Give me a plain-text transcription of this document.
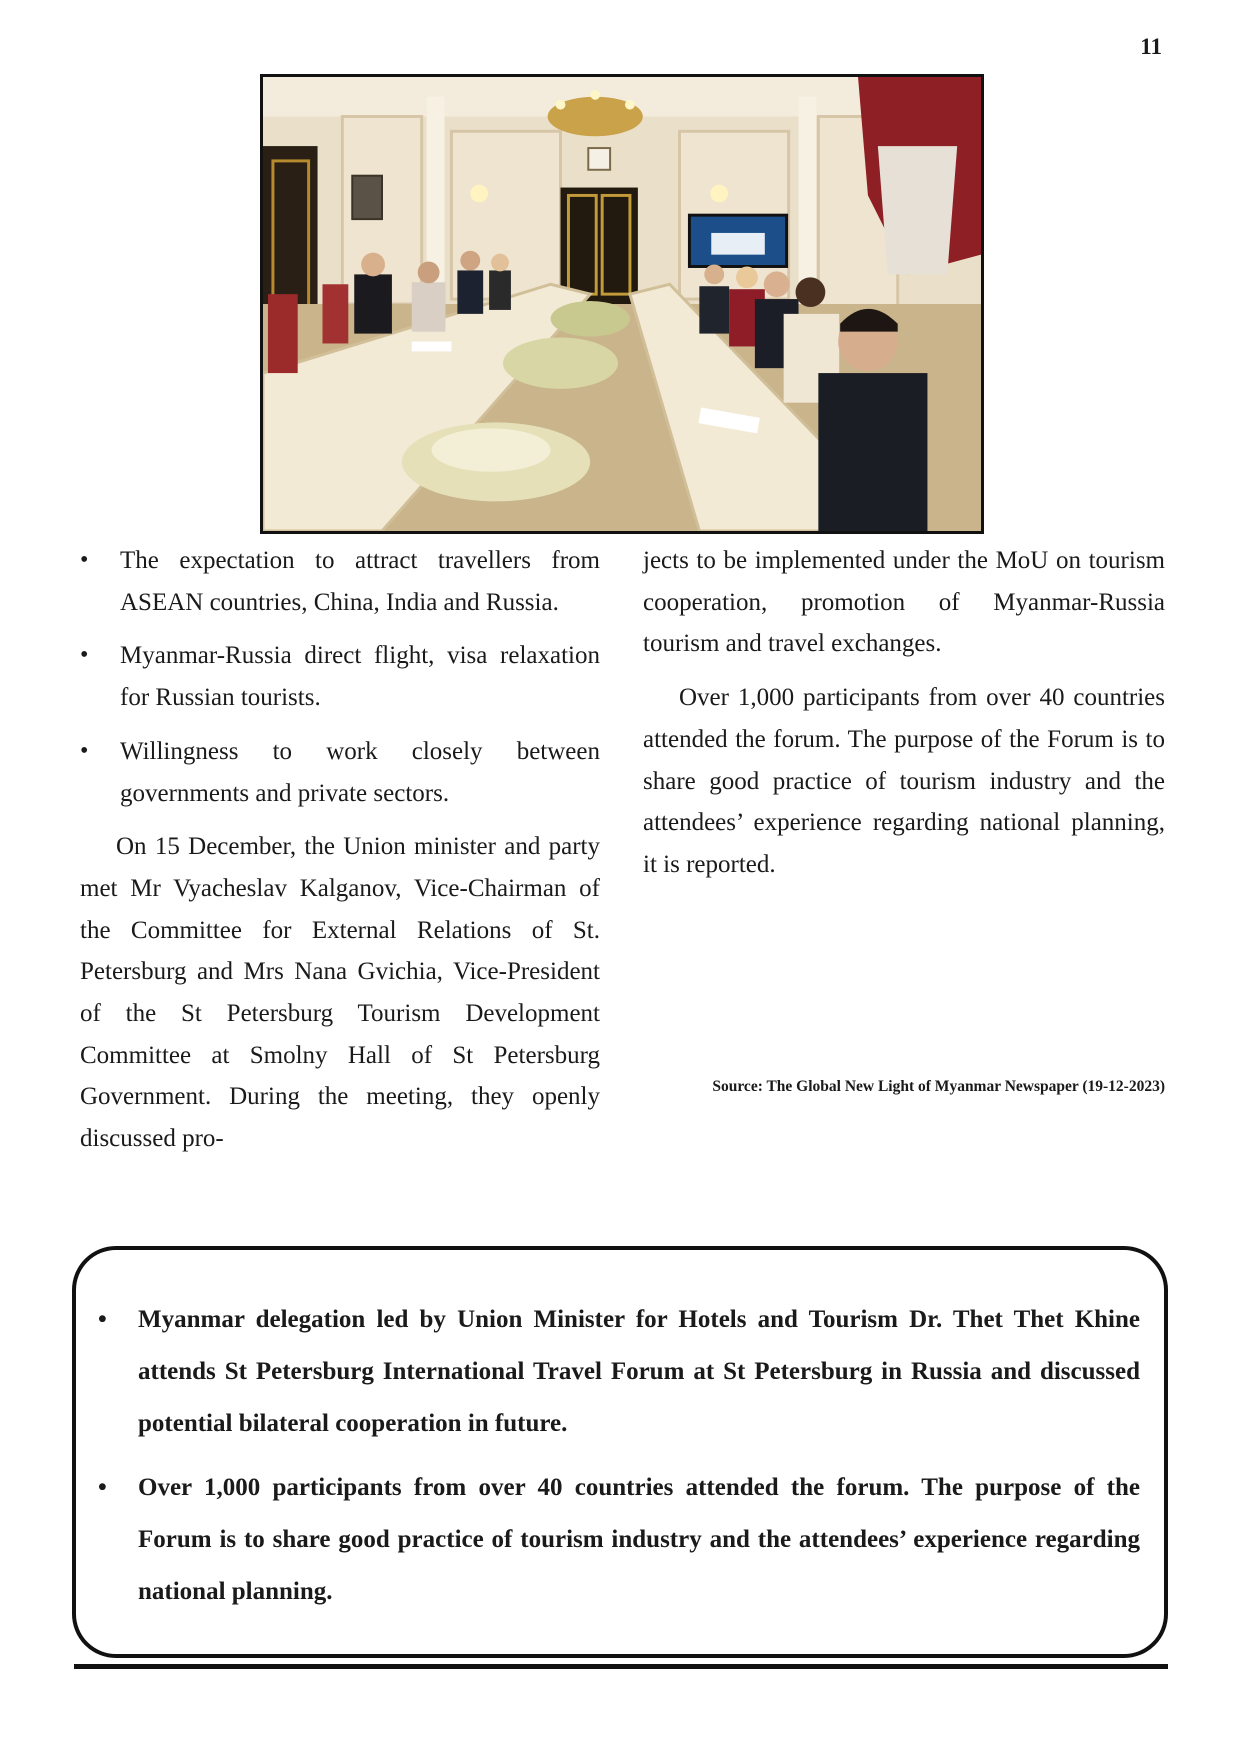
11
• The expectation to attract travellers from ASEAN countries, China, India and Russia.
• Myanmar-Russia direct flight, visa relaxation for Russian tourists.
• Willingness to work closely between governments and private sectors.

On 15 December, the Union minister and party met Mr Vyacheslav Kalganov, Vice-Chairman of the Committee for External Relations of St. Petersburg and Mrs Nana Gvichia, Vice-President of the St Petersburg Tourism Development Committee at Smolny Hall of St Petersburg Government. During the meeting, they openly discussed pro-

jects to be implemented under the MoU on tourism cooperation, promotion of Myanmar-Russia tourism and travel exchanges.

Over 1,000 participants from over 40 countries attended the forum. The purpose of the Forum is to share good practice of tourism industry and the attendees’ experience regarding national planning, it is reported.

Source: The Global New Light of Myanmar Newspaper (19-12-2023)
• Myanmar delegation led by Union Minister for Hotels and Tourism Dr. Thet Thet Khine attends St Petersburg International Travel Forum at St Petersburg in Russia and discussed potential bilateral cooperation in future.
• Over 1,000 participants from over 40 countries attended the forum. The purpose of the Forum is to share good practice of tourism industry and the attendees’ experience regarding national planning.
